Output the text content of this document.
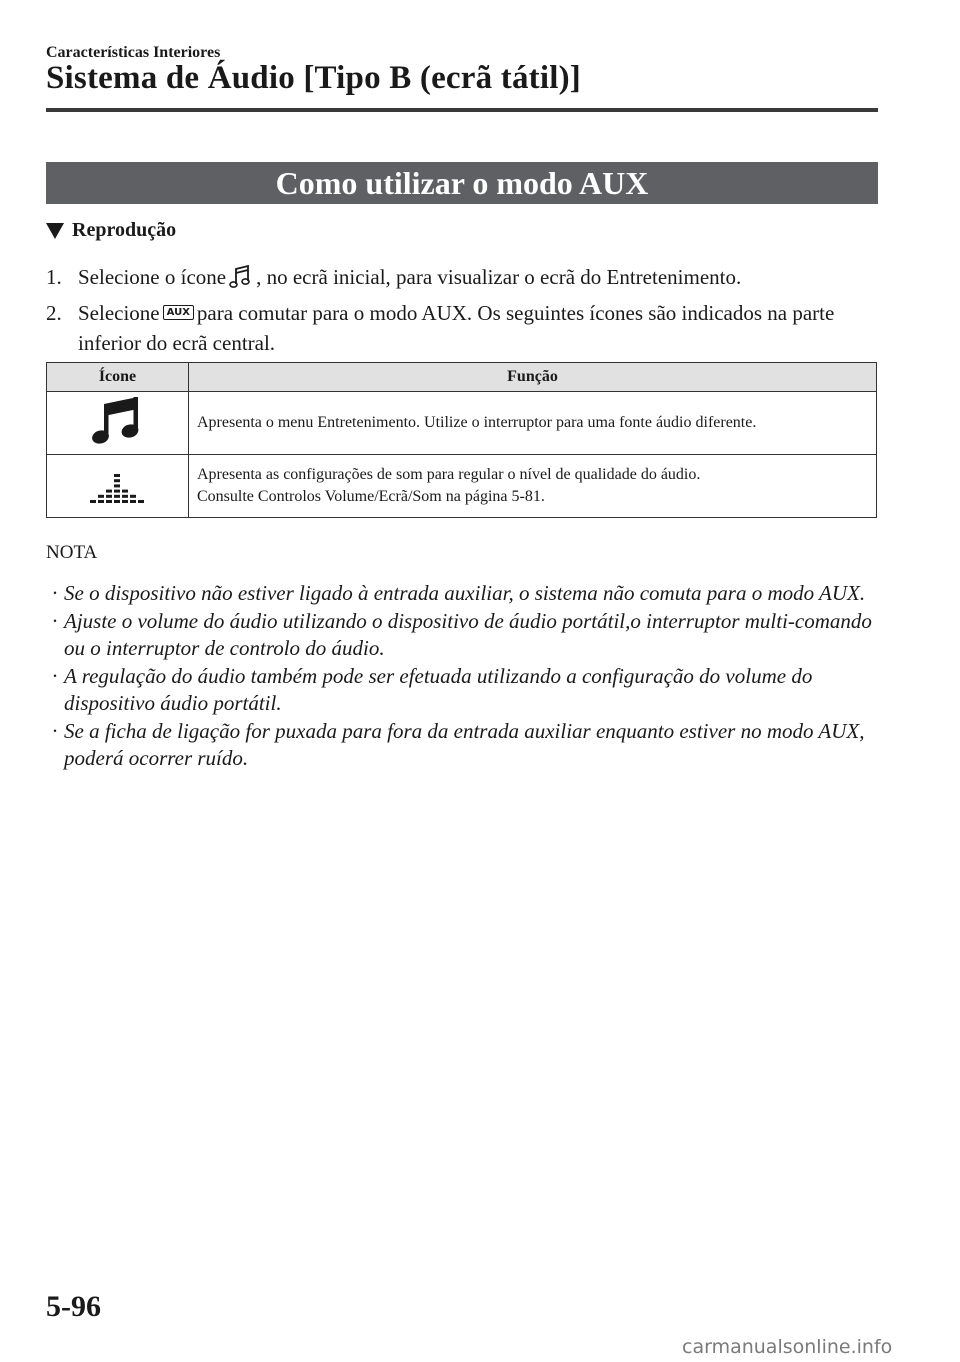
Características Interiores
Sistema de Áudio [Tipo B (ecrã tátil)]
Como utilizar o modo AUX
Reprodução
1. Selecione o ícone , no ecrã inicial, para visualizar o ecrã do Entretenimento.
2. Selecione AUX para comutar para o modo AUX. Os seguintes ícones são indicados na parte inferior do ecrã central.
Ícone	Função

Apresenta o menu Entretenimento. Utilize o interruptor para uma fonte áudio diferente.

Apresenta as configurações de som para regular o nível de qualidade do áudio.
Consulte Controlos Volume/Ecrã/Som na página 5-81.
NOTA
· Se o dispositivo não estiver ligado à entrada auxiliar, o sistema não comuta para o modo AUX.
· Ajuste o volume do áudio utilizando o dispositivo de áudio portátil,o interruptor multi-comando ou o interruptor de controlo do áudio.
· A regulação do áudio também pode ser efetuada utilizando a configuração do volume do dispositivo áudio portátil.
· Se a ficha de ligação for puxada para fora da entrada auxiliar enquanto estiver no modo AUX, poderá ocorrer ruído.
5-96
carmanualsonline.info
